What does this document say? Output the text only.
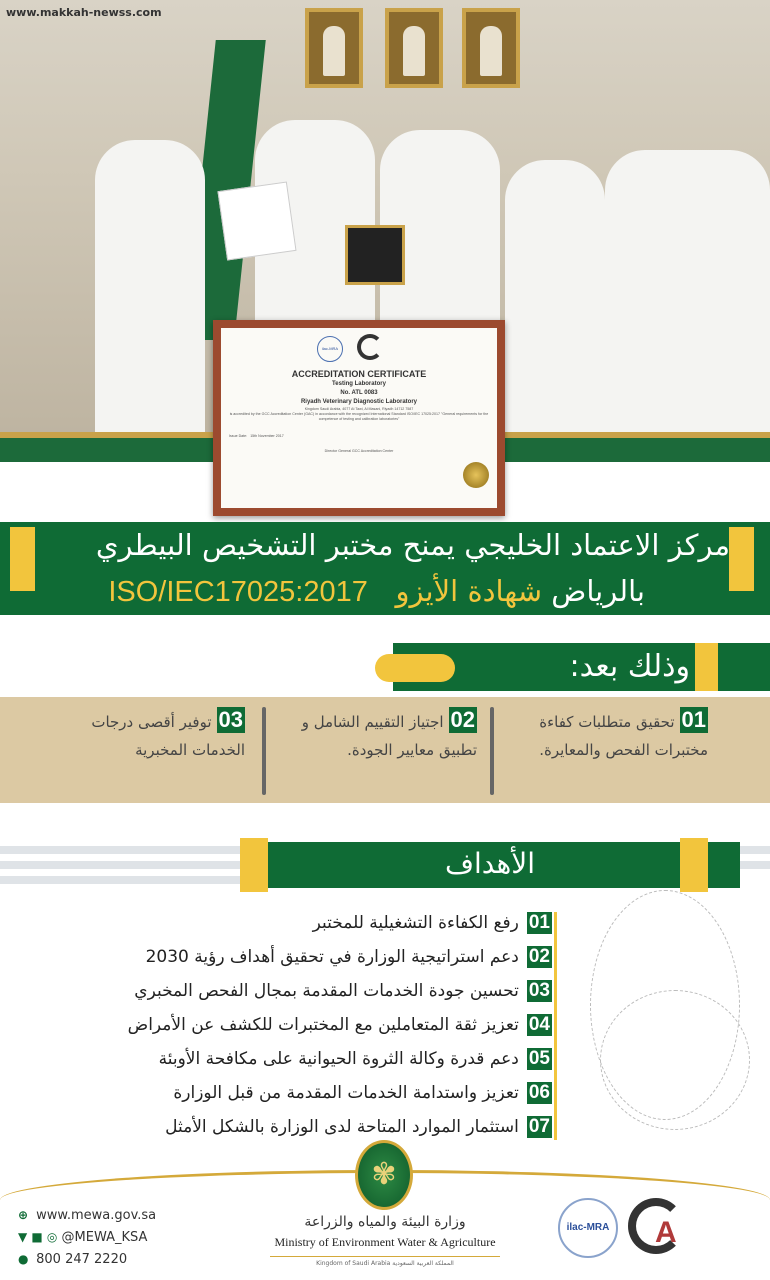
www.makkah-newss.com
ilac-MRA
ACCREDITATION CERTIFICATE
Testing Laboratory
No. ATL 0083
Riyadh Veterinary Diagnostic Laboratory
Kingdom Saudi Arabia, 4077 At Tawi, Al Masani, Riyadh 14712 7587
is accredited by the GCC Accreditation Center (GAC) in accordance with the recognized International Standard ISO/IEC 17025:2017 "General requirements for the competence of testing and calibration laboratories"
Issue Date: 15th November 2017
Director General GCC Accreditation Center
مركز الاعتماد الخليجي يمنح مختبر التشخيص البيطري
بالرياض شهادة الأيزو   ISO/IEC17025:2017
وذلك بعد:
01تحقيق متطلبات كفاءة مختبرات الفحص والمعايرة.
02اجتياز التقييم الشامل و تطبيق معايير الجودة.
03توفير أقصى درجات الخدمات المخبرية
الأهداف
01رفع الكفاءة التشغيلية للمختبر
02دعم استراتيجية الوزارة في تحقيق أهداف رؤية 2030
03تحسين جودة الخدمات المقدمة بمجال الفحص المخبري
04تعزيز ثقة المتعاملين مع المختبرات للكشف عن الأمراض
05دعم قدرة وكالة الثروة الحيوانية على مكافحة الأوبئة
06تعزيز واستدامة الخدمات المقدمة من قبل الوزارة
07استثمار الموارد المتاحة لدى الوزارة بالشكل الأمثل
✾
⊕ www.mewa.gov.sa
▼ ■ ◎ @MEWA_KSA
● 800 247 2220
وزارة البيئة والمياه والزراعة
Ministry of Environment Water & Agriculture
Kingdom of Saudi Arabia المملكة العربية السعودية
ilac-MRA A
